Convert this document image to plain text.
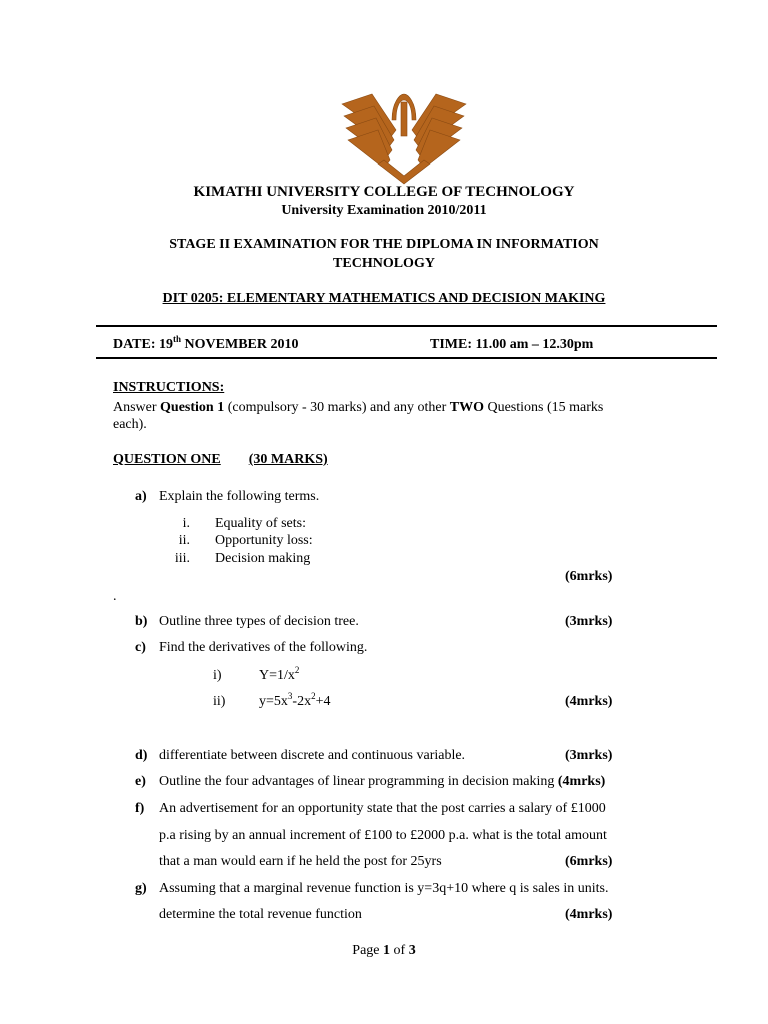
KIMATHI UNIVERSITY COLLEGE OF TECHNOLOGY
University Examination 2010/2011
STAGE II EXAMINATION FOR THE DIPLOMA IN INFORMATION
TECHNOLOGY
DIT 0205: ELEMENTARY MATHEMATICS AND DECISION MAKING
DATE: 19th NOVEMBER 2010	TIME: 11.00 am – 12.30pm
INSTRUCTIONS:
Answer Question 1 (compulsory - 30 marks) and any other TWO Questions (15 marks
each).
QUESTION ONE (30 MARKS)
a) Explain the following terms.
i. Equality of sets:
ii. Opportunity loss:
iii. Decision making
(6mrks)
.
b) Outline three types of decision tree.	(3mrks)
c) Find the derivatives of the following.
i)	$Y=1/x^2$
ii) $y=5x^3-2x^2+4$	(4mrks)
d) differentiate between discrete and continuous variable.	(3mrks)
e) Outline the four advantages of linear programming in decision making (4mrks)
f) An advertisement for an opportunity state that the post carries a salary of £1000
p.a rising by an annual increment of £100 to £2000 p.a. what is the total amount
that a man would earn if he held the post for 25yrs	(6mrks)
g) Assuming that a marginal revenue function is y=3q+10 where q is sales in units.
determine the total revenue function	(4mrks)
Page 1 of 3
